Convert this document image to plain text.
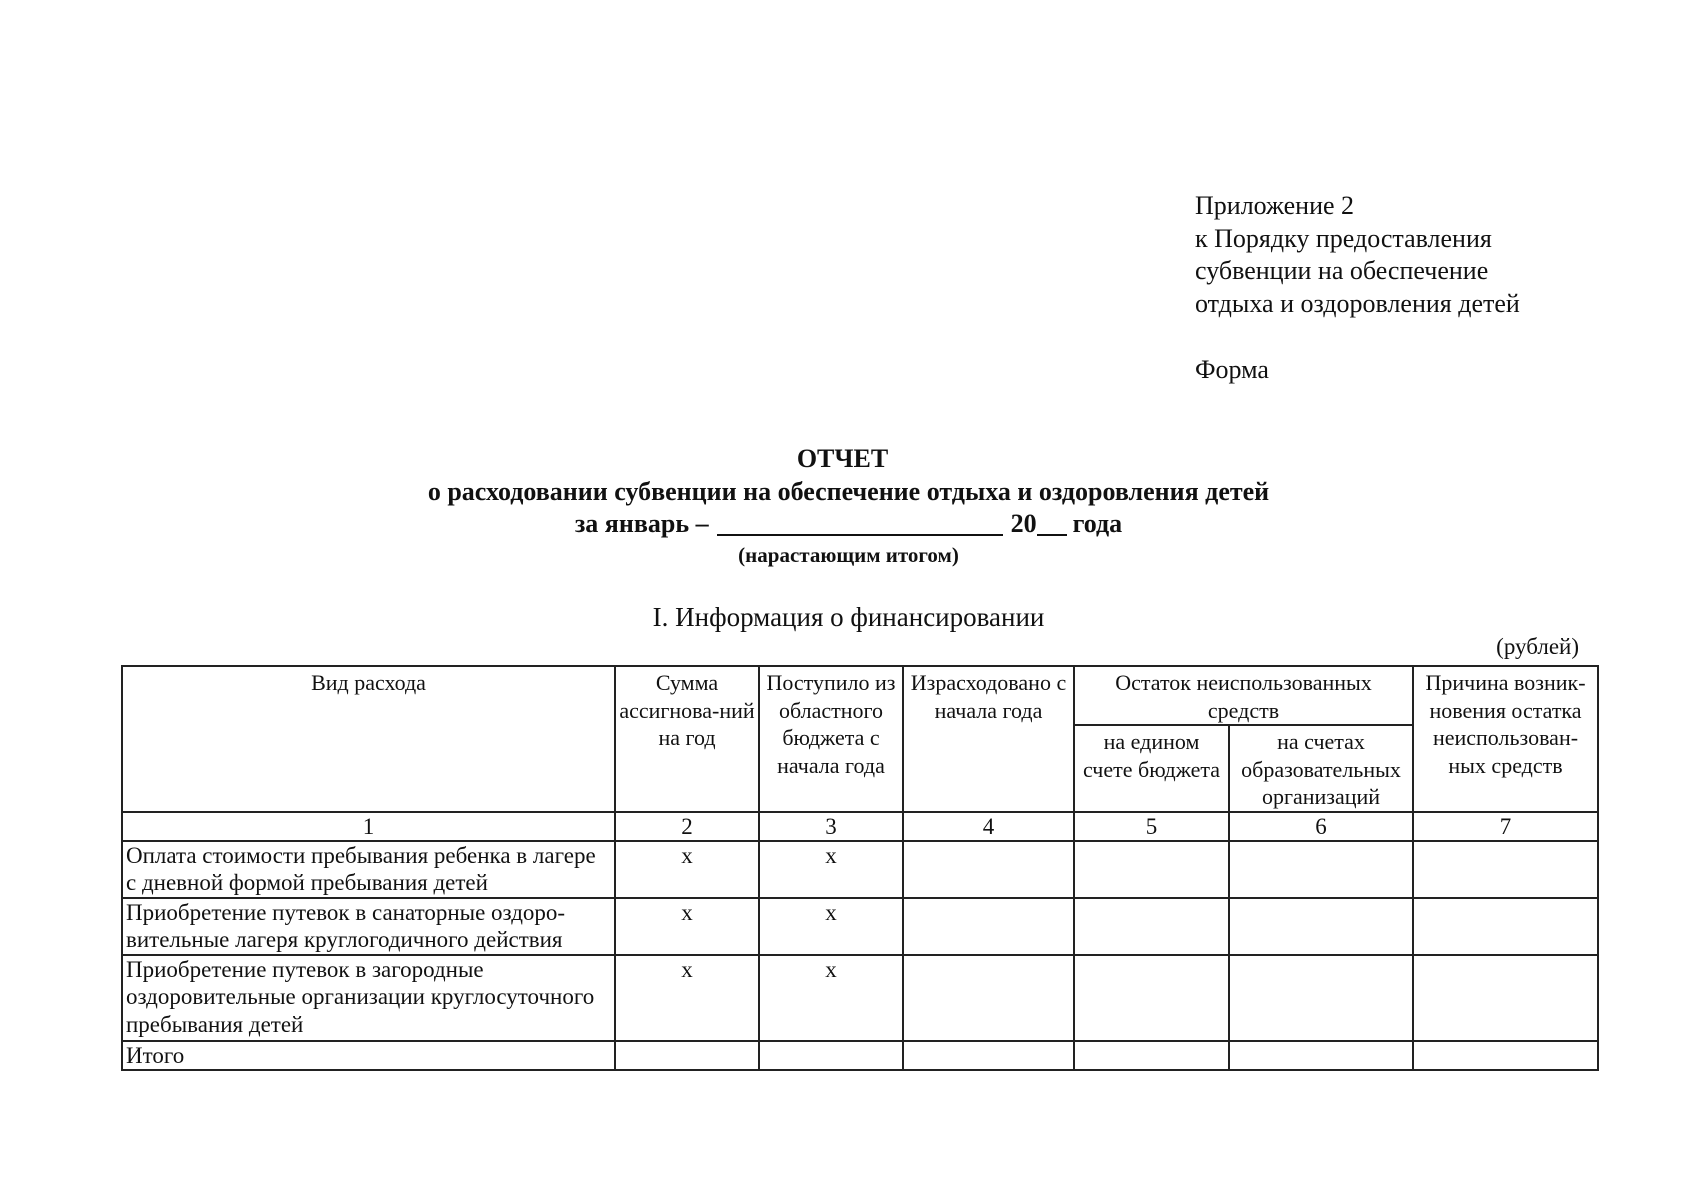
Приложение 2
к Порядку предоставления
субвенции на обеспечение
отдыха и оздоровления детей
Форма
ОТЧЕТ
о расходовании субвенции на обеспечение отдыха и оздоровления детей
за январь –	20 года
(нарастающим итогом)
I. Информация о финансировании
(рублей)
Вид расхода	Сумма ассигнова-ний на год	Поступило из областного бюджета с начала года	Израсходовано с начала года	Остаток неиспользованных средств		Причина возник-новения остатка неиспользован-ных средств
				на едином счете бюджета	на счетах образовательных организаций	
1	2	3	4	5	6	7
Оплата стоимости пребывания ребенка в лагере с дневной формой пребывания детей	х	х				
Приобретение путевок в санаторные оздоро-вительные лагеря круглогодичного действия	х	х				
Приобретение путевок в загородные оздоровительные организации круглосуточного пребывания детей	х	х				
Итого						
